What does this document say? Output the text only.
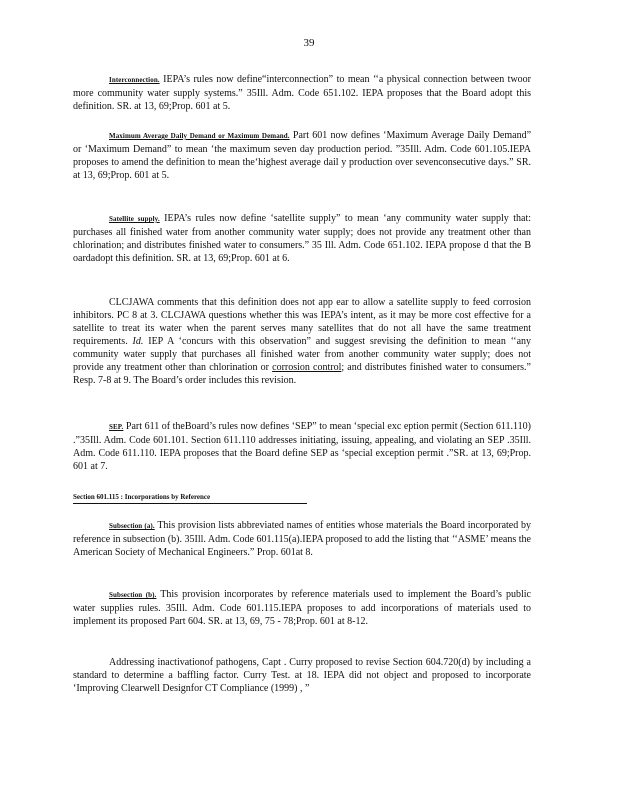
39

Interconnection. IEPA’s rules now define“interconnection” to mean ‘‘a physical connection between twoor more community water supply systems.” 35Ill. Adm. Code 651.102. IEPA proposes that the Board adopt this definition. SR. at 13, 69;Prop. 601 at 5.

Maximum Average Daily Demand or Maximum Demand. Part 601 now defines ‘Maximum Average Daily Demand” or ‘Maximum Demand” to mean ‘the maximum seven day production period. ”35Ill. Adm. Code 601.105.IEPA proposes to amend the definition to mean the‘highest average dail y production over sevenconsecutive days.” SR. at 13, 69;Prop. 601 at 5.

Satellite supply. IEPA’s rules now define ‘satellite supply” to mean ‘any community water supply that: purchases all finished water from another community water supply; does not provide any treatment other than chlorination; and distributes finished water to consumers.” 35 Ill. Adm. Code 651.102. IEPA propose d that the B oardadopt this definition. SR. at 13, 69;Prop. 601 at 6.

CLCJAWA comments that this definition does not app ear to allow a satellite supply to feed corrosion inhibitors. PC 8 at 3. CLCJAWA questions whether this was IEPA’s intent, as it may be more cost effective for a satellite to treat its water when the parent serves many satellites that do not all have the same treatment requirements. Id. IEP A ‘concurs with this observation” and suggest srevising the definition to mean ‘‘any community water supply that purchases all finished water from another community water supply; does not provide any treatment other than chlorination or corrosion control; and distributes finished water to consumers.” Resp. 7-8 at 9. The Board’s order includes this revision.

SEP. Part 611 of theBoard’s rules now defines ‘SEP” to mean ‘special exc eption permit (Section 611.110) .”35Ill. Adm. Code 601.101. Section 611.110 addresses initiating, issuing, appealing, and violating an SEP .35Ill. Adm. Code 611.110. IEPA proposes that the Board define SEP as ‘special exception permit .”SR. at 13, 69;Prop. 601 at 7.

Section 601.115 : Incorporations by Reference

Subsection (a). This provision lists abbreviated names of entities whose materials the Board incorporated by reference in subsection (b). 35Ill. Adm. Code 601.115(a).IEPA proposed to add the listing that ‘‘ASME’ means the American Society of Mechanical Engineers.” Prop. 601at 8.

Subsection (b). This provision incorporates by reference materials used to implement the Board’s public water supplies rules. 35Ill. Adm. Code 601.115.IEPA proposes to add incorporations of materials used to implement its proposed Part 604. SR. at 13, 69, 75 - 78;Prop. 601 at 8-12.

Addressing inactivationof pathogens, Capt . Curry proposed to revise Section 604.720(d) by including a standard to determine a baffling factor. Curry Test. at 18. IEPA did not object and proposed to incorporate ‘Improving Clearwell Designfor CT Compliance (1999) , ”
